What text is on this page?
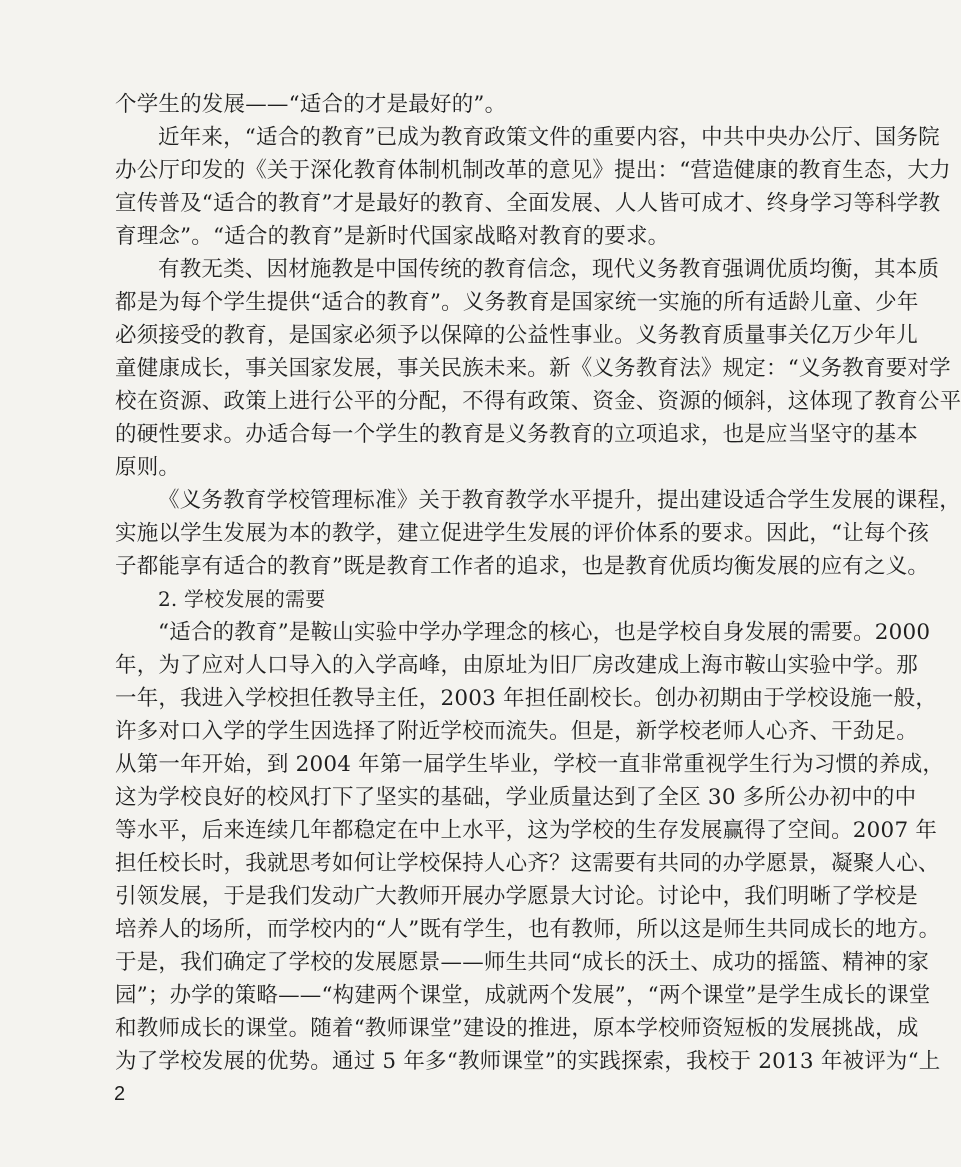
个学生的发展——“适合的才是最好的”。
近年来，“适合的教育”已成为教育政策文件的重要内容，中共中央办公厅、国务院
办公厅印发的《关于深化教育体制机制改革的意见》提出：“营造健康的教育生态，大力
宣传普及“适合的教育”才是最好的教育、全面发展、人人皆可成才、终身学习等科学教
育理念”。“适合的教育”是新时代国家战略对教育的要求。
有教无类、因材施教是中国传统的教育信念，现代义务教育强调优质均衡，其本质
都是为每个学生提供“适合的教育”。义务教育是国家统一实施的所有适龄儿童、少年
必须接受的教育，是国家必须予以保障的公益性事业。义务教育质量事关亿万少年儿
童健康成长，事关国家发展，事关民族未来。新《义务教育法》规定：“义务教育要对学
校在资源、政策上进行公平的分配，不得有政策、资金、资源的倾斜，这体现了教育公平
的硬性要求。办适合每一个学生的教育是义务教育的立项追求，也是应当坚守的基本
原则。
《义务教育学校管理标准》关于教育教学水平提升，提出建设适合学生发展的课程，
实施以学生发展为本的教学，建立促进学生发展的评价体系的要求。因此，“让每个孩
子都能享有适合的教育”既是教育工作者的追求，也是教育优质均衡发展的应有之义。
2. 学校发展的需要
“适合的教育”是鞍山实验中学办学理念的核心，也是学校自身发展的需要。2000
年，为了应对人口导入的入学高峰，由原址为旧厂房改建成上海市鞍山实验中学。那
一年，我进入学校担任教导主任，2003 年担任副校长。创办初期由于学校设施一般，
许多对口入学的学生因选择了附近学校而流失。但是，新学校老师人心齐、干劲足。
从第一年开始，到 2004 年第一届学生毕业，学校一直非常重视学生行为习惯的养成，
这为学校良好的校风打下了坚实的基础，学业质量达到了全区 30 多所公办初中的中
等水平，后来连续几年都稳定在中上水平，这为学校的生存发展赢得了空间。2007 年
担任校长时，我就思考如何让学校保持人心齐？这需要有共同的办学愿景，凝聚人心、
引领发展，于是我们发动广大教师开展办学愿景大讨论。讨论中，我们明晰了学校是
培养人的场所，而学校内的“人”既有学生，也有教师，所以这是师生共同成长的地方。
于是，我们确定了学校的发展愿景——师生共同“成长的沃土、成功的摇篮、精神的家
园”；办学的策略——“构建两个课堂，成就两个发展”，“两个课堂”是学生成长的课堂
和教师成长的课堂。随着“教师课堂”建设的推进，原本学校师资短板的发展挑战，成
为了学校发展的优势。通过 5 年多“教师课堂”的实践探索，我校于 2013 年被评为“上
2
